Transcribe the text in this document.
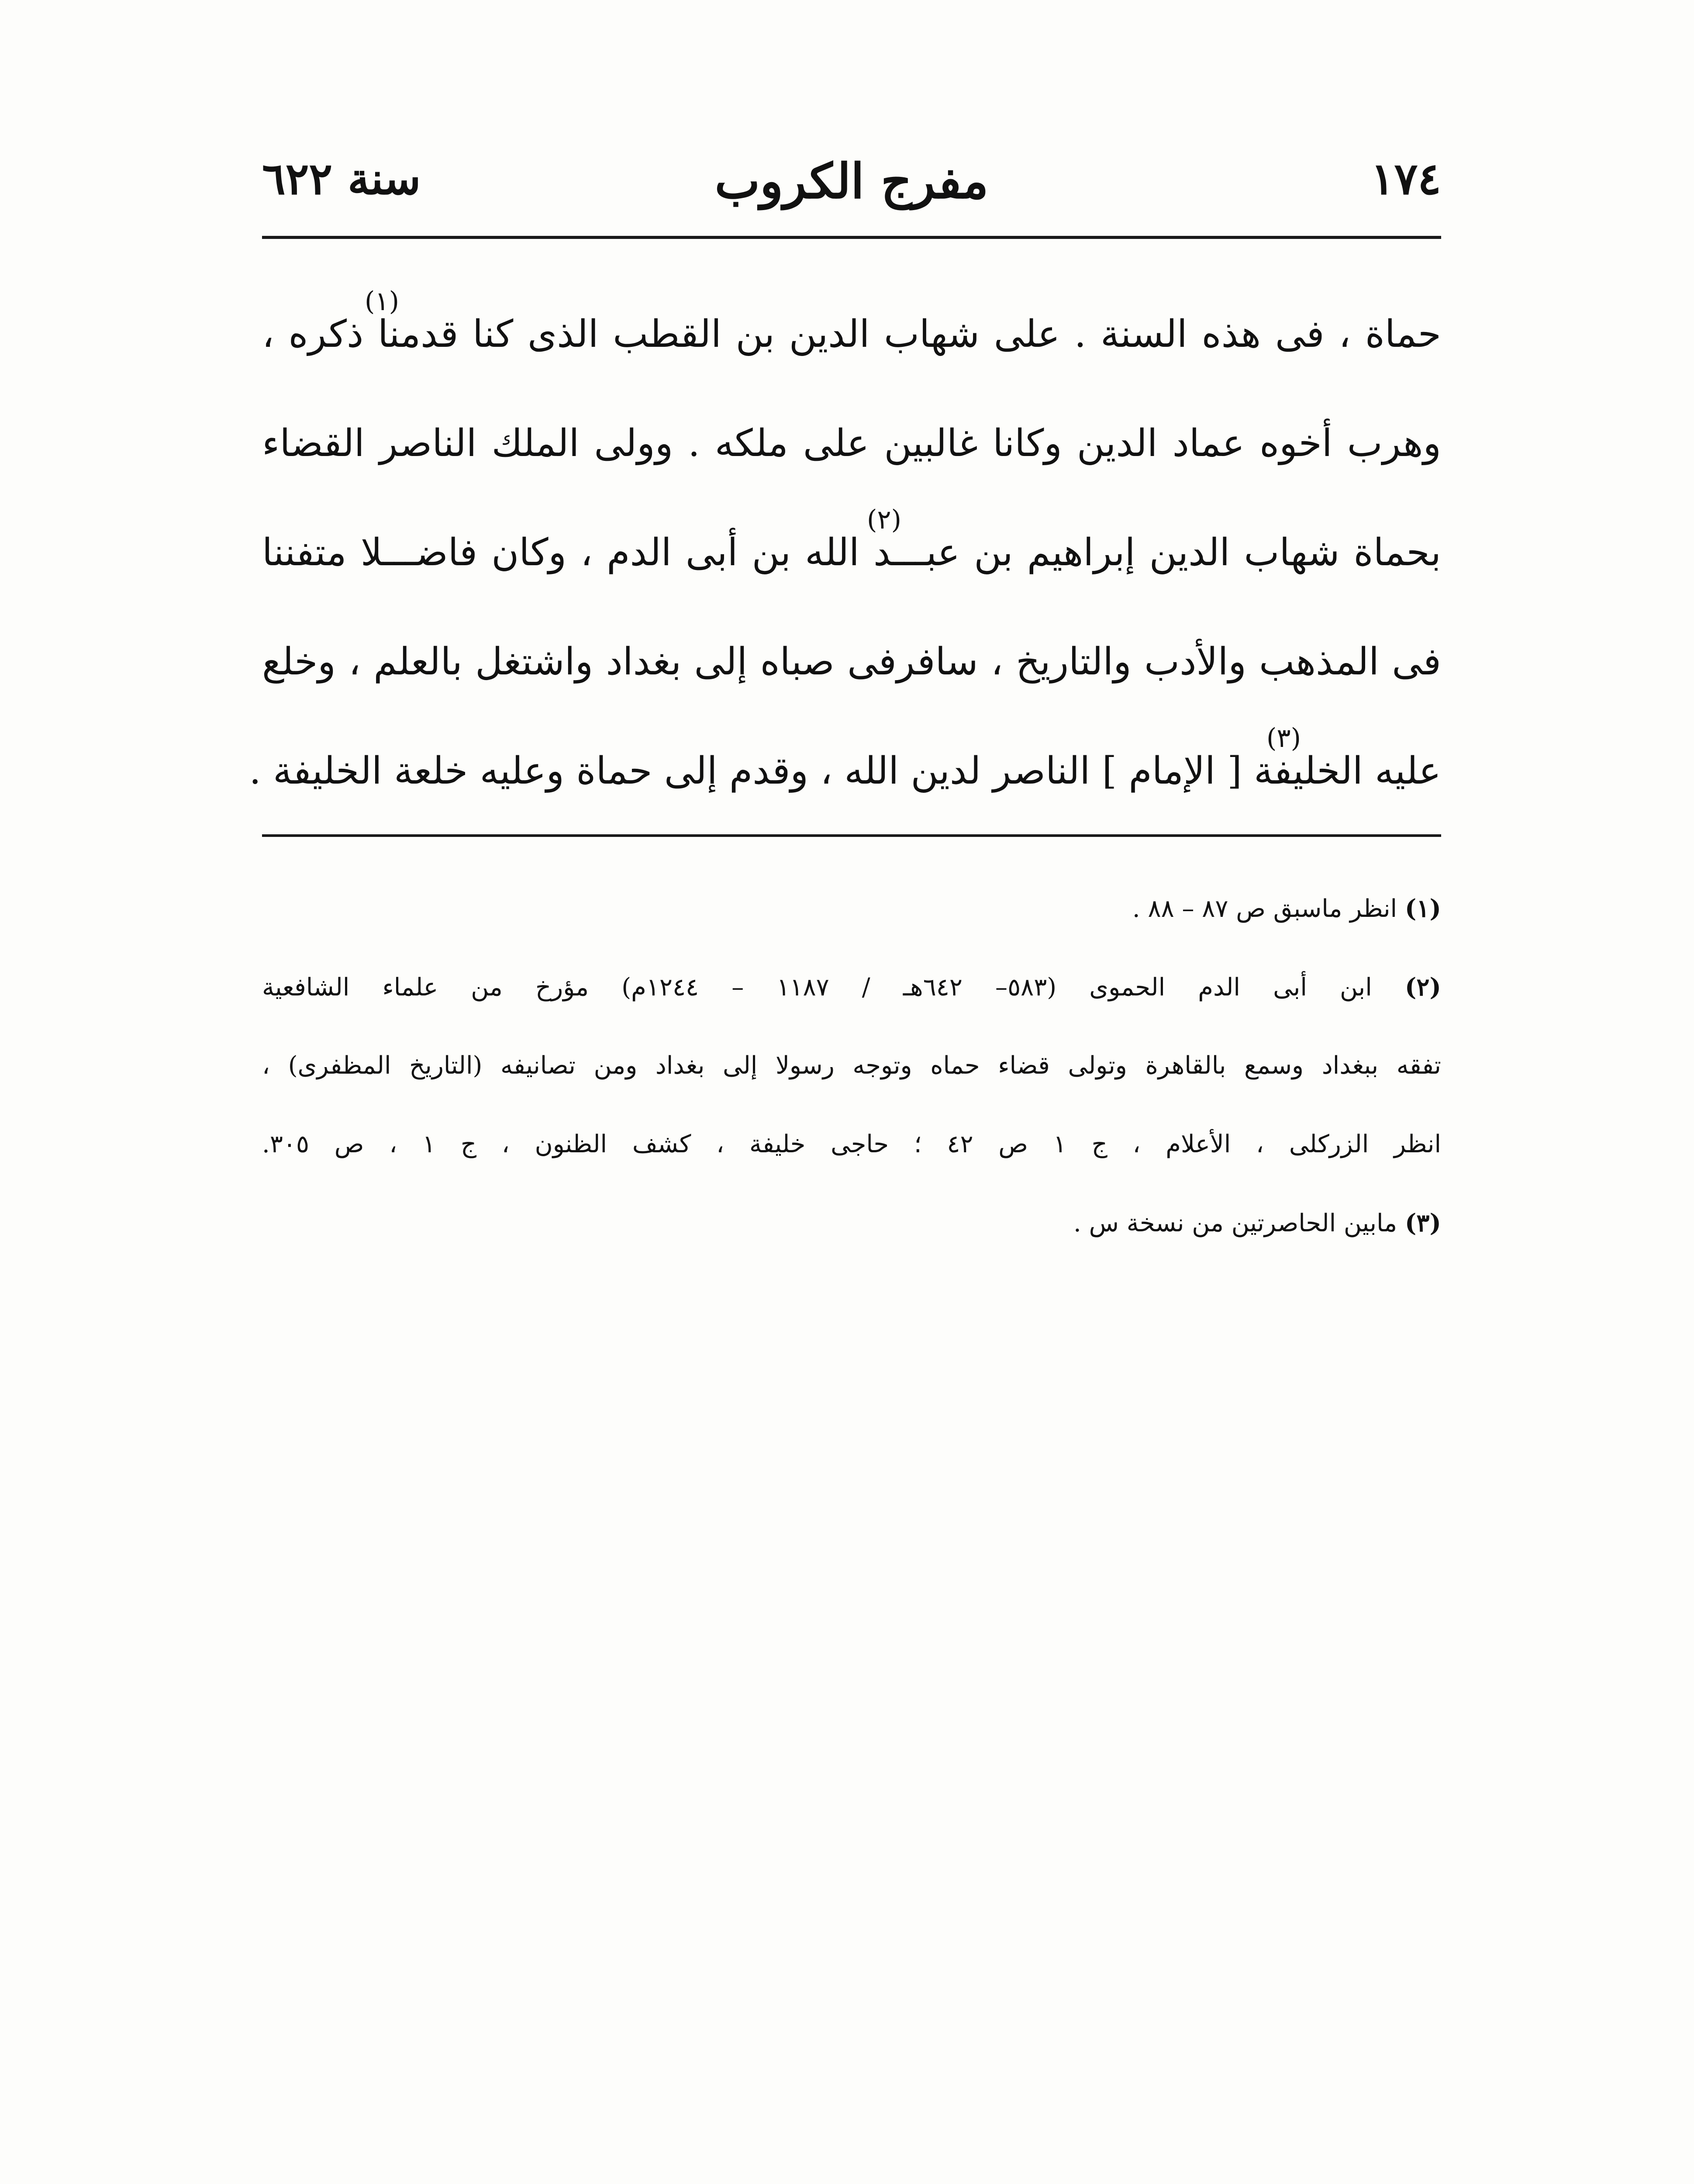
١٧٤
مفرج الكروب
سنة ٦٢٢
(١)
حماة ، فى هذه السنة . على شهاب الدين بن القطب الذى كنا قدمنا ذكره ،
وهرب أخوه عماد الدين وكانا غالبين على ملكه . وولى الملك الناصر القضاء
(٢)
بحماة شهاب الدين إبراهيم بن عبـــد الله بن أبى الدم ، وكان فاضـــلا متفننا
فى المذهب والأدب والتاريخ ، سافرفى صباه إلى بغداد واشتغل بالعلم ، وخلع
(٣)
عليه الخليفة [ الإمام ] الناصر لدين الله ، وقدم إلى حماة وعليه خلعة الخليفة .
(١) انظر ماسبق ص ٨٧ – ٨٨ .
(٢) ابن أبى الدم الحموى (٥٨٣– ٦٤٢هـ / ١١٨٧ – ١٢٤٤م) مؤرخ من علماء الشافعية
تفقه ببغداد وسمع بالقاهرة وتولى قضاء حماه وتوجه رسولا إلى بغداد ومن تصانيفه (التاريخ المظفرى) ،
انظر الزركلى ، الأعلام ، ج ١ ص ٤٢ ؛ حاجى خليفة ، كشف الظنون ، ج ١ ، ص ٣٠٥.
(٣) مابين الحاصرتين من نسخة س .
